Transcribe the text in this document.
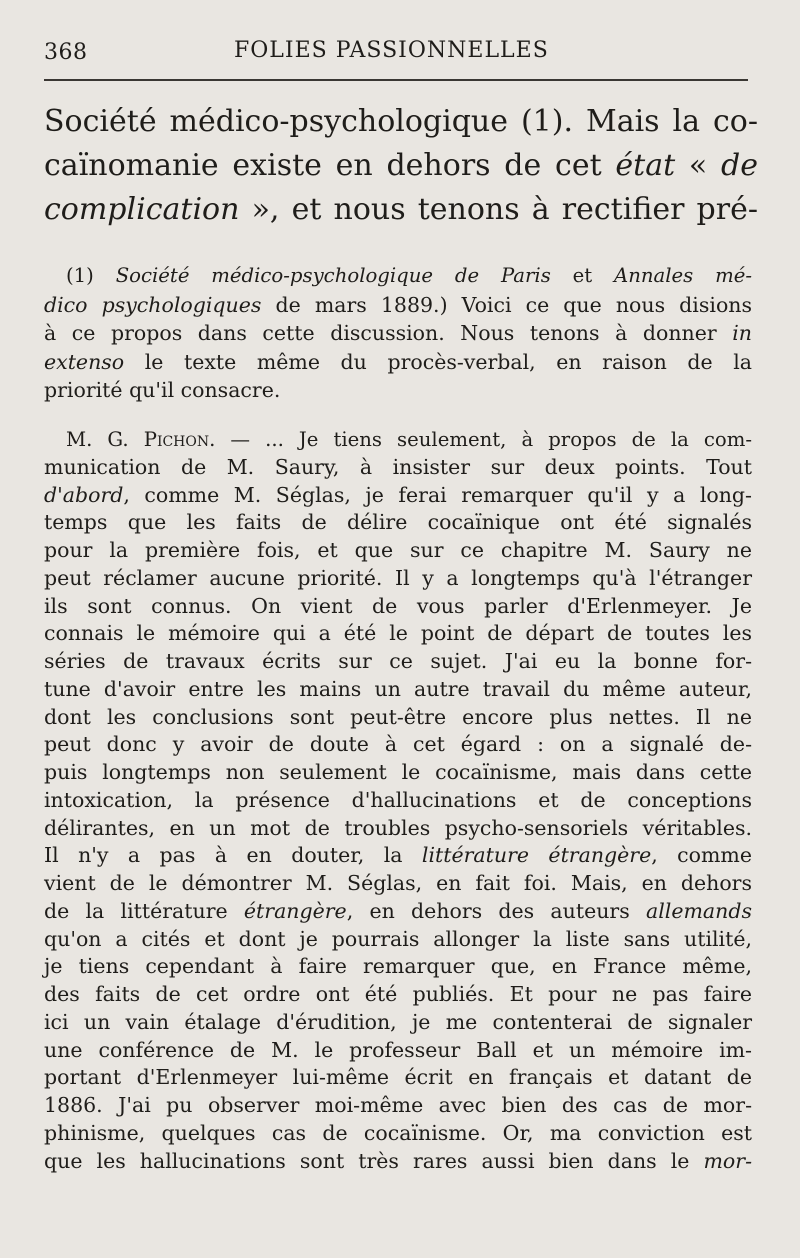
368	FOLIES PASSIONNELLES
Société médico-psychologique (1). Mais la co-
caïnomanie existe en dehors de cet état « de
complication », et nous tenons à rectifier pré-
(1) Société médico-psychologique de Paris et Annales mé-
dico psychologiques de mars 1889.) Voici ce que nous disions
à ce propos dans cette discussion. Nous tenons à donner in
extenso le texte même du procès-verbal, en raison de la
priorité qu'il consacre.
M. G. Pichon. — ... Je tiens seulement, à propos de la com-
munication de M. Saury, à insister sur deux points. Tout
d'abord, comme M. Séglas, je ferai remarquer qu'il y a long-
temps que les faits de délire cocaïnique ont été signalés
pour la première fois, et que sur ce chapitre M. Saury ne
peut réclamer aucune priorité. Il y a longtemps qu'à l'étranger
ils sont connus. On vient de vous parler d'Erlenmeyer. Je
connais le mémoire qui a été le point de départ de toutes les
séries de travaux écrits sur ce sujet. J'ai eu la bonne for-
tune d'avoir entre les mains un autre travail du même auteur,
dont les conclusions sont peut-être encore plus nettes. Il ne
peut donc y avoir de doute à cet égard : on a signalé de-
puis longtemps non seulement le cocaïnisme, mais dans cette
intoxication, la présence d'hallucinations et de conceptions
délirantes, en un mot de troubles psycho-sensoriels véritables.
Il n'y a pas à en douter, la littérature étrangère, comme
vient de le démontrer M. Séglas, en fait foi. Mais, en dehors
de la littérature étrangère, en dehors des auteurs allemands
qu'on a cités et dont je pourrais allonger la liste sans utilité,
je tiens cependant à faire remarquer que, en France même,
des faits de cet ordre ont été publiés. Et pour ne pas faire
ici un vain étalage d'érudition, je me contenterai de signaler
une conférence de M. le professeur Ball et un mémoire im-
portant d'Erlenmeyer lui-même écrit en français et datant de
1886. J'ai pu observer moi-même avec bien des cas de mor-
phinisme, quelques cas de cocaïnisme. Or, ma conviction est
que les hallucinations sont très rares aussi bien dans le mor-
